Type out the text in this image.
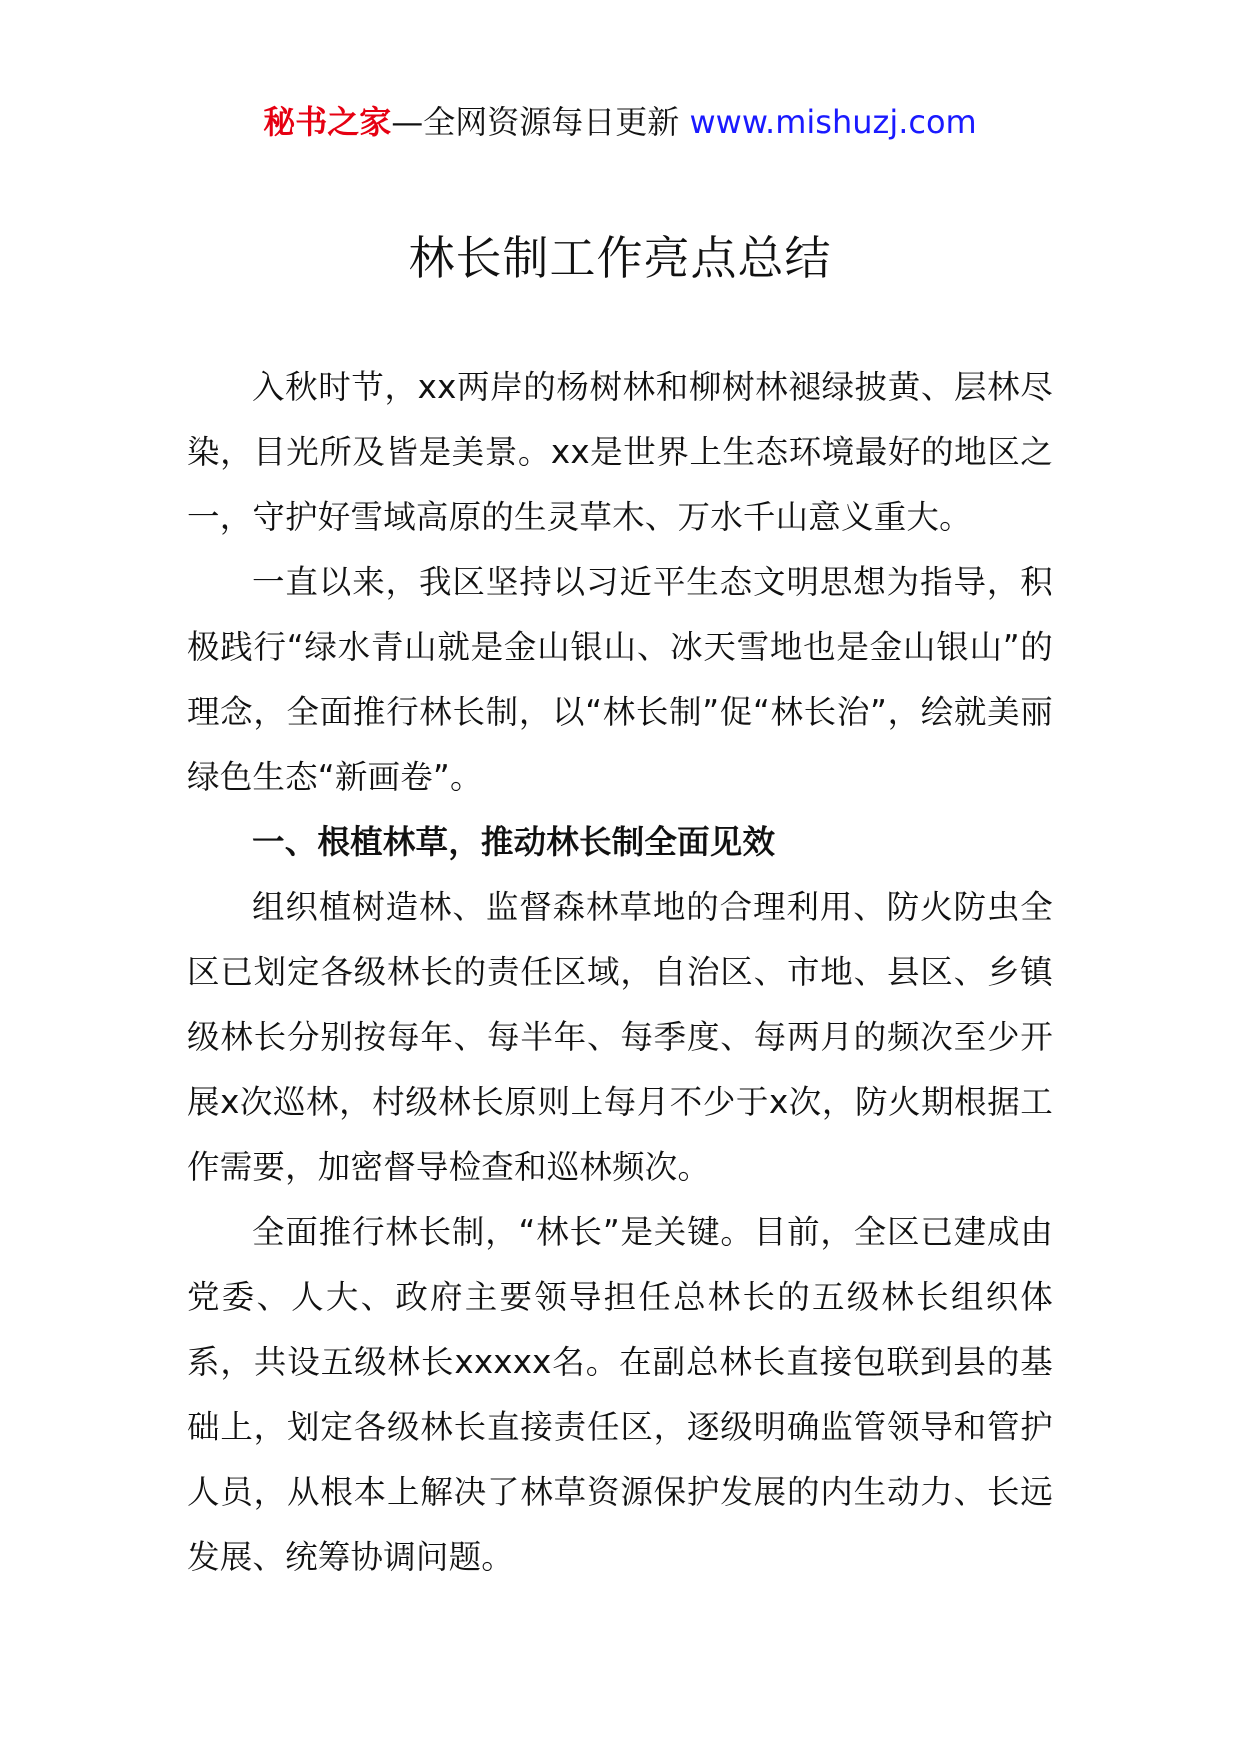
秘书之家—全网资源每日更新 www.mishuzj.com
林长制工作亮点总结

入秋时节，xx两岸的杨树林和柳树林褪绿披黄、层林尽染，目光所及皆是美景。xx是世界上生态环境最好的地区之一，守护好雪域高原的生灵草木、万水千山意义重大。

一直以来，我区坚持以习近平生态文明思想为指导，积极践行“绿水青山就是金山银山、冰天雪地也是金山银山”的理念，全面推行林长制，以“林长制”促“林长治”，绘就美丽绿色生态“新画卷”。

一、根植林草，推动林长制全面见效

组织植树造林、监督森林草地的合理利用、防火防虫全区已划定各级林长的责任区域，自治区、市地、县区、乡镇级林长分别按每年、每半年、每季度、每两月的频次至少开展x次巡林，村级林长原则上每月不少于x次，防火期根据工作需要，加密督导检查和巡林频次。

全面推行林长制，“林长”是关键。目前，全区已建成由党委、人大、政府主要领导担任总林长的五级林长组织体系，共设五级林长xxxxx名。在副总林长直接包联到县的基础上，划定各级林长直接责任区，逐级明确监管领导和管护人员，从根本上解决了林草资源保护发展的内生动力、长远发展、统筹协调问题。
